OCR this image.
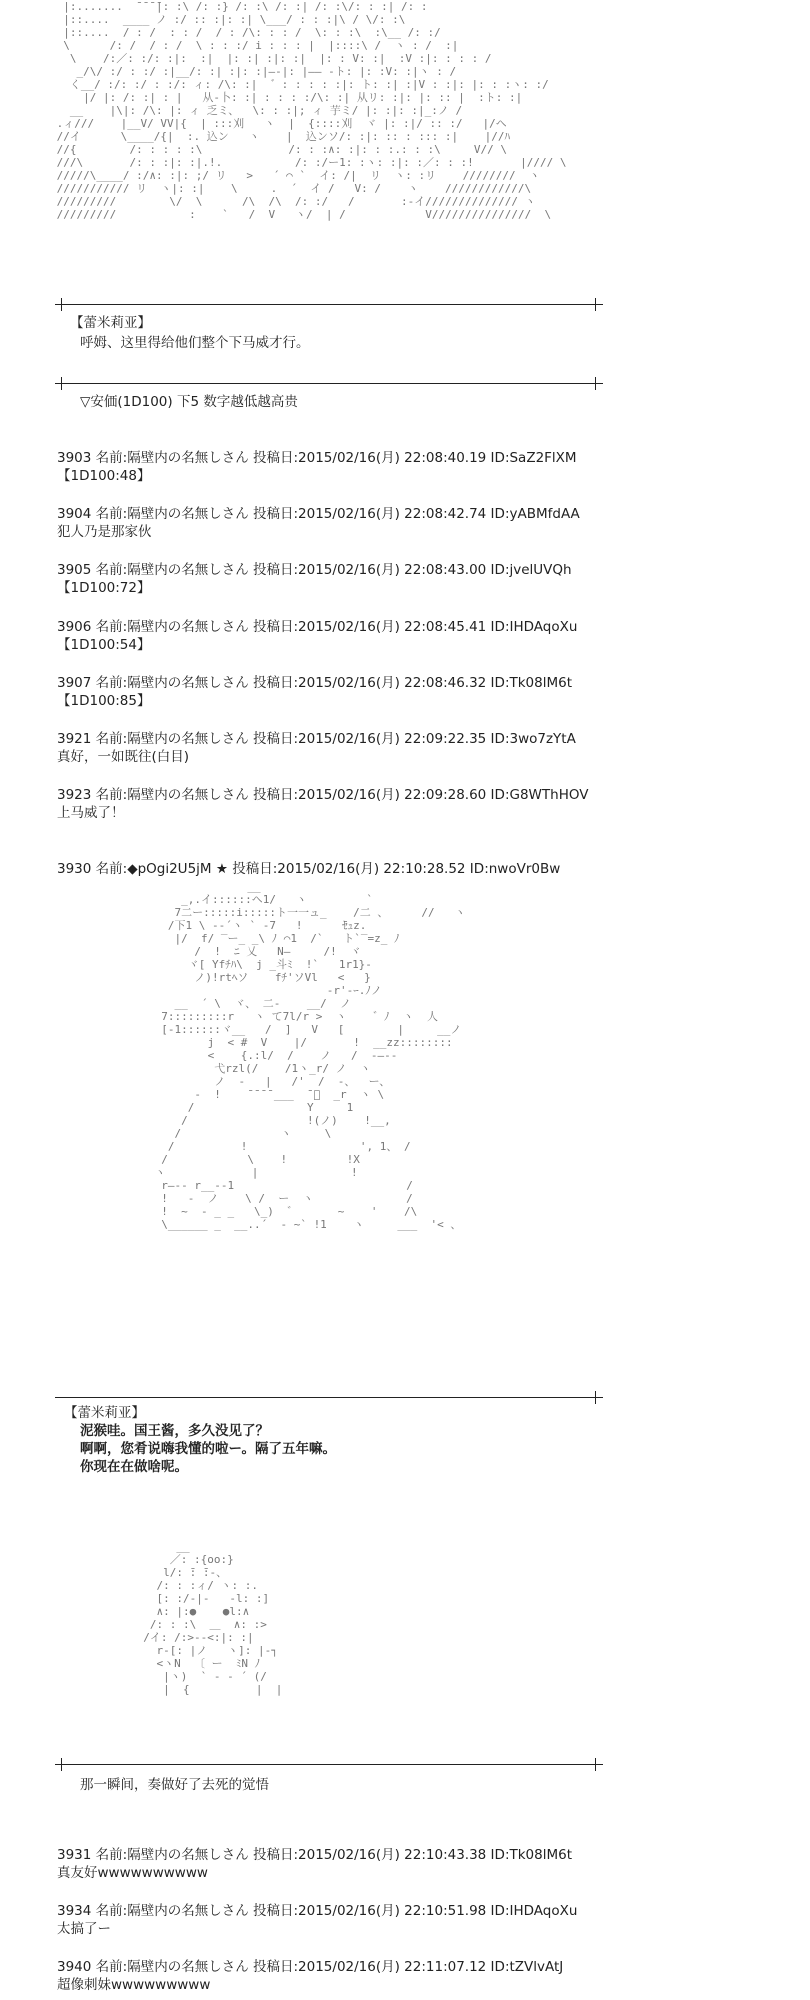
|:.......  ̄ ̄ ̄ ̄|: :\ /: :} /: :\ /: :| /: :\/: : :| /: :
|::....  ____ ノ :/ :: :|: :| \___/ : : :|\ / \/: :\
|::....  / : /  : : /  / : /\: : : /  \: : :\  :\__ /: :/
\      /: /  / : /  \ : : :/ i : : : |  |::::\ /  ヽ : /  :|
\    /:／: :/: :|:  :|  |: :| :|: :|  |: : V: :|  :V :|: : : : /
_/\/ :/ : :/ :|__/: :| :|: :|―‐|: |―― ‐ト: |: :V: :|ヽ : /
く__/ :/: :/ : :/: ィ: /\: :|  ゛: : : : :|: ト: :| :|V : :|: |: : :ヽ: :/
|/ |: /: :| : |   从‐卜: :| : : : :/\: :| 从リ: :|: |: :: |  :ト: :|
__    |\|: /\: |: ィ 乏ミ、  \: : :|; ィ 芋ミ/ |: :|: :|_:ノ /
.ィ///    |__V/ VV|{  | :::刈   ヽ  |  {::::刈  ヾ |: :|/ :: :/   |/ヘ
//イ      \____/{|  :. 込ン   ヽ    |  込ンソ/: :|: :: : ::: :|    |//ﾊ
//{        /: : : : :\             /: : :∧: :|: : :.: : :\     V// \
///\       /: : :|: :|.!.           /: :/ー1: :ヽ: :|: :／: : :!       |//// \
/////\____/ :/∧: :|: ;/ リ   >   ´ ⌒ `  イ: /|  リ  ヽ: :リ    ////////  ヽ
/////////// リ  ヽ|: :|    \     .  ´  イ /   V: /    ヽ    ////////////\
/////////        \/  \      /\  /\  /: :/   /       :‐イ////////////// ヽ
/////////           :    `   /  V   ヽ/  | /            V///////////////  \
【蕾米莉亚】
呼姆、这里得给他们整个下马威才行。
▽安価(1D100) 下5 数字越低越高贵
3903 名前:隔壁内の名無しさん 投稿日:2015/02/16(月) 22:08:40.19 ID:SaZ2FlXM
【1D100:48】
3904 名前:隔壁内の名無しさん 投稿日:2015/02/16(月) 22:08:42.74 ID:yABMfdAA
犯人乃是那家伙
3905 名前:隔壁内の名無しさん 投稿日:2015/02/16(月) 22:08:43.00 ID:jvelUVQh
【1D100:72】
3906 名前:隔壁内の名無しさん 投稿日:2015/02/16(月) 22:08:45.41 ID:IHDAqoXu
【1D100:54】
3907 名前:隔壁内の名無しさん 投稿日:2015/02/16(月) 22:08:46.32 ID:Tk08lM6t
【1D100:85】
3921 名前:隔壁内の名無しさん 投稿日:2015/02/16(月) 22:09:22.35 ID:3wo7zYtA
真好，一如既往(白目)
3923 名前:隔壁内の名無しさん 投稿日:2015/02/16(月) 22:09:28.60 ID:G8WThHOV
上马威了！
3930 名前:◆pOgi2U5jM ★ 投稿日:2015/02/16(月) 22:10:28.52 ID:nwoVr0Bw
__
_,.イ::::::ヘ1/   ヽ         `
7二ー:::::i:::::ト一一ュ_    /二 、     //   ヽ
/下1 \ ‐‐´ヽ ` ‐7   !      ̄ｾｭz.
|/  f/ ‾ー_ _\ ﾉ ⌒1  /`   ト`‾=z_ ﾉ
/  !  ﾆ 乂   N―     /!  ヾ
ヾ[ Yfﾁﾊ\  j _斗ﾐ  !`   1r1}‐
ノ)!rtﾍソ    fﾁ'ソVl   <   }
‐r'‐ｰ.ﾉノ
__  ´ \  ヾ、 二-    __/  ノ
7:::::::::r   ヽ て7l/r >  ヽ    ゛ﾉ  ヽ  人
[‐1::::::ヾ__   /  ]   V   [        |     __ノ
j  < #  V    |/       !  __zz::::::::
<    {.:l/  /    ノ   /  ‐―‐-
弋rzl(/    /1ヽ_r/ ノ  ヽ
ノ  -   |   /'  /  -、  ー、
-  !    ̄ ̄ ̄ ̄ ___  ̄ ゙  _r  ヽ \
/                 Y     1
/                  !(ノ)    !__,
/               ヽ     \
/          !                 ', 1、 /
/            \    !         !X
ヽ             |              !
r―‐- r__‐‐1                          /
!   ‐  ノ    \ /  ー  ヽ              /
!  ~  - _ _   \_)  ゛      ~    '    /\
\______ _  __..´  ‐ ~` !1    ヽ     ___  '< 、
【蕾米莉亚】
泥猴哇。国王酱，多久没见了？
啊啊，您肴说嗨我懂的啦ー。隔了五年嘛。
你现在在做啥呢。
__
／: :{oo:}
l/: ̄: ̄:‐、
/: : :ィ/ ヽ: :.
[: :/‐|‐   ‐l: :]
∧: |:●    ●l:∧
/: : :\  ＿  ∧: :>
/イ: /:>‐‐<:|: :|
r‐[: |ノ   ヽ]: |‐┐
<ヽN  〔 ー  ﾐN ﾉ
|ヽ)  ` ‐ ‐ ´ (/
|  {          |  |
那一瞬间，奏做好了去死的觉悟
3931 名前:隔壁内の名無しさん 投稿日:2015/02/16(月) 22:10:43.38 ID:Tk08lM6t
真友好wwwwwwwwww
3934 名前:隔壁内の名無しさん 投稿日:2015/02/16(月) 22:10:51.98 ID:IHDAqoXu
太搞了ー
3940 名前:隔壁内の名無しさん 投稿日:2015/02/16(月) 22:11:07.12 ID:tZVlvAtJ
超像刺妹wwwwwwwww
